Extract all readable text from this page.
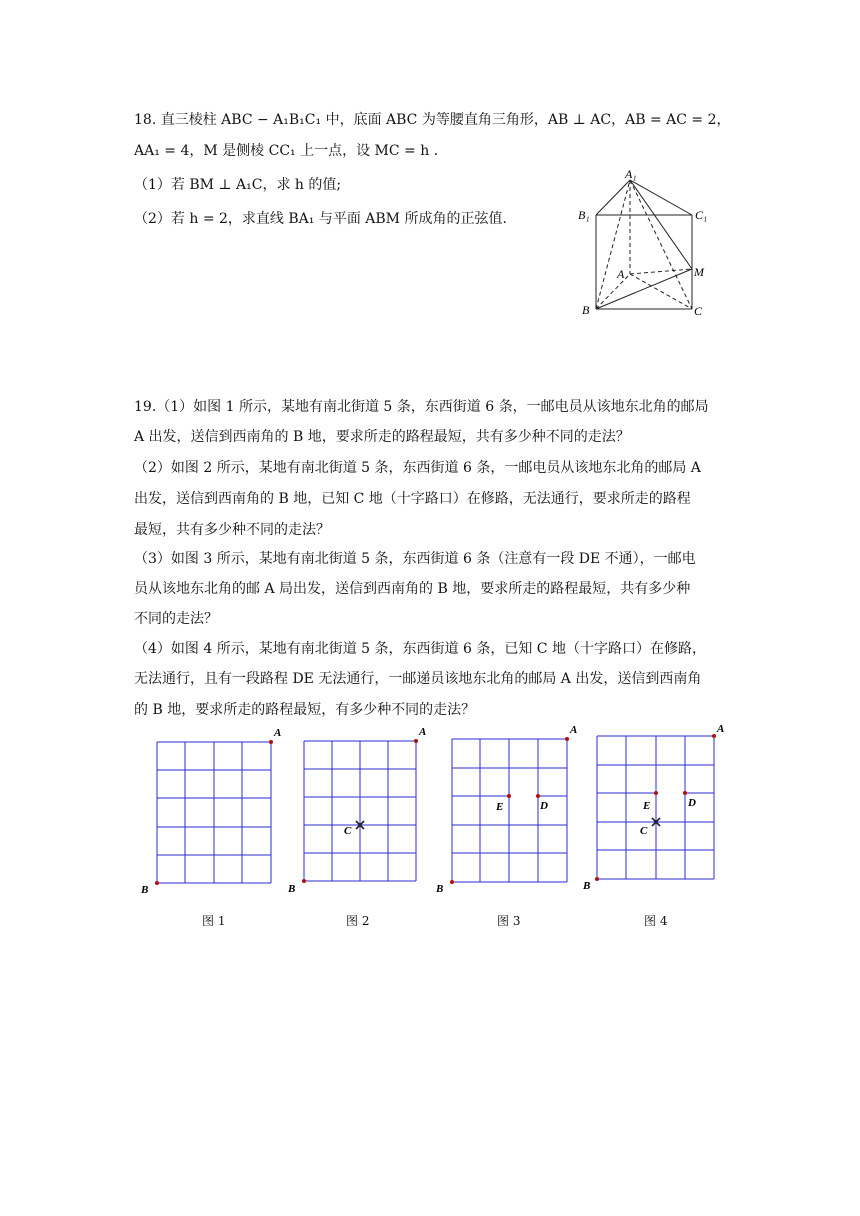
18. 直三棱柱 ABC − A₁B₁C₁ 中，底面 ABC 为等腰直角三角形，AB ⊥ AC，AB = AC = 2，
AA₁ = 4，M 是侧棱 CC₁ 上一点，设 MC = h .
（1）若 BM ⊥ A₁C，求 h 的值;
（2）若 h = 2，求直线 BA₁ 与平面 ABM 所成角的正弦值.
A₁
B₁	C₁
A	M
B	C
19.（1）如图 1 所示，某地有南北街道 5 条，东西街道 6 条，一邮电员从该地东北角的邮局
A 出发，送信到西南角的 B 地，要求所走的路程最短，共有多少种不同的走法？
（2）如图 2 所示，某地有南北街道 5 条，东西街道 6 条，一邮电员从该地东北角的邮局 A
出发，送信到西南角的 B 地，已知 C 地（十字路口）在修路，无法通行，要求所走的路程
最短，共有多少种不同的走法？
（3）如图 3 所示，某地有南北街道 5 条，东西街道 6 条（注意有一段 DE 不通），一邮电
员从该地东北角的邮 A 局出发，送信到西南角的 B 地，要求所走的路程最短，共有多少种
不同的走法？
（4）如图 4 所示，某地有南北街道 5 条，东西街道 6 条，已知 C 地（十字路口）在修路，
无法通行，且有一段路程 DE 无法通行，一邮递员该地东北角的邮局 A 出发，送信到西南角
的 B 地，要求所走的路程最短，有多少种不同的走法？
A
B
A
B
C
A
B
E	D
A
B
E	D
C
图 1	图 2	图 3	图 4
